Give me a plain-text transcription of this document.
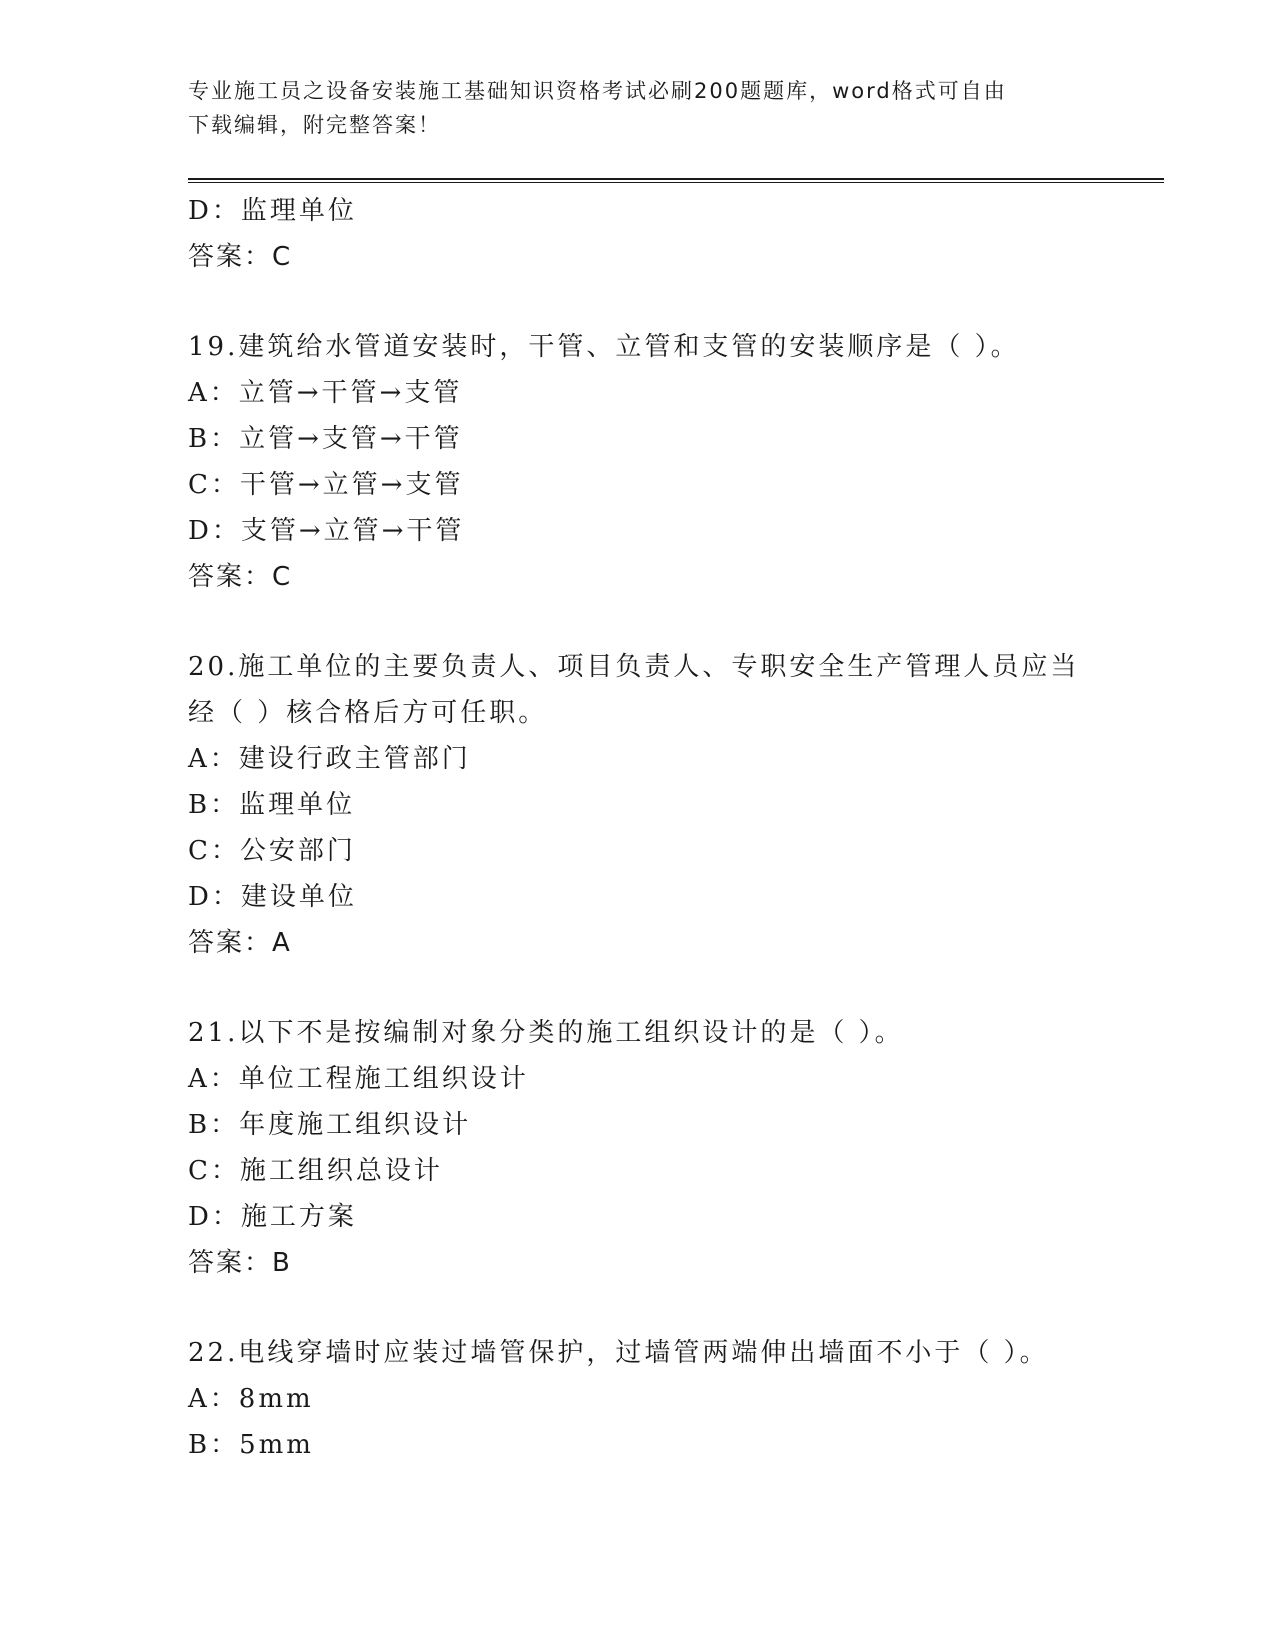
专业施工员之设备安装施工基础知识资格考试必刷200题题库，word格式可自由
下载编辑，附完整答案！
D：监理单位
答案：C
19.建筑给水管道安装时，干管、立管和支管的安装顺序是（ ）。
A：立管→干管→支管
B：立管→支管→干管
C：干管→立管→支管
D：支管→立管→干管
答案：C
20.施工单位的主要负责人、项目负责人、专职安全生产管理人员应当
经（ ）核合格后方可任职。
A：建设行政主管部门
B：监理单位
C：公安部门
D：建设单位
答案：A
21.以下不是按编制对象分类的施工组织设计的是（ ）。
A：单位工程施工组织设计
B：年度施工组织设计
C：施工组织总设计
D：施工方案
答案：B
22.电线穿墙时应装过墙管保护，过墙管两端伸出墙面不小于（ ）。
A：8mm
B：5mm
